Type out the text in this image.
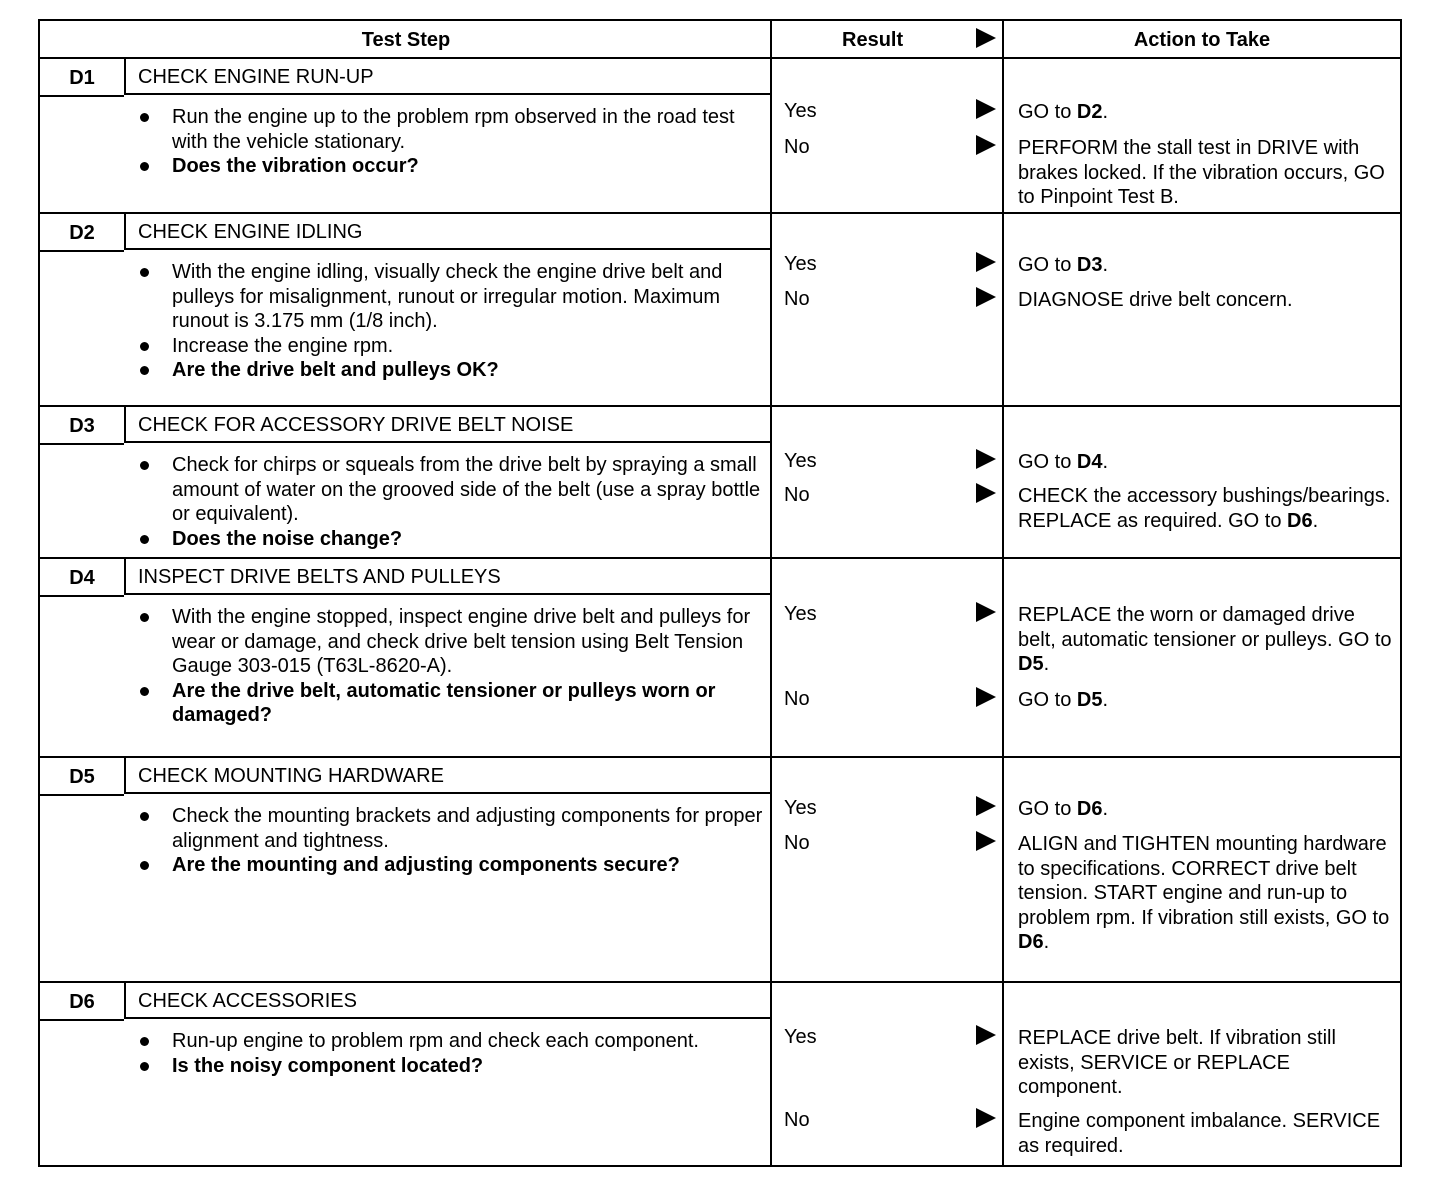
Test Step	Result	Action to Take
D1	CHECK ENGINE RUN-UP
Run the engine up to the problem rpm observed in the road test with the vehicle stationary.
Does the vibration occur?
Yes	GO to D2.
No	PERFORM the stall test in DRIVE with brakes locked. If the vibration occurs, GO to Pinpoint Test B.
D2	CHECK ENGINE IDLING
With the engine idling, visually check the engine drive belt and pulleys for misalignment, runout or irregular motion. Maximum runout is 3.175 mm (1/8 inch).
Increase the engine rpm.
Are the drive belt and pulleys OK?
Yes	GO to D3.
No	DIAGNOSE drive belt concern.
D3	CHECK FOR ACCESSORY DRIVE BELT NOISE
Check for chirps or squeals from the drive belt by spraying a small amount of water on the grooved side of the belt (use a spray bottle or equivalent).
Does the noise change?
Yes	GO to D4.
No	CHECK the accessory bushings/bearings. REPLACE as required. GO to D6.
D4	INSPECT DRIVE BELTS AND PULLEYS
With the engine stopped, inspect engine drive belt and pulleys for wear or damage, and check drive belt tension using Belt Tension Gauge 303-015 (T63L-8620-A).
Are the drive belt, automatic tensioner or pulleys worn or damaged?
Yes	REPLACE the worn or damaged drive belt, automatic tensioner or pulleys. GO to D5.
No	GO to D5.
D5	CHECK MOUNTING HARDWARE
Check the mounting brackets and adjusting components for proper alignment and tightness.
Are the mounting and adjusting components secure?
Yes	GO to D6.
No	ALIGN and TIGHTEN mounting hardware to specifications. CORRECT drive belt tension. START engine and run-up to problem rpm. If vibration still exists, GO to D6.
D6	CHECK ACCESSORIES
Run-up engine to problem rpm and check each component.
Is the noisy component located?
Yes	REPLACE drive belt. If vibration still exists, SERVICE or REPLACE component.
No	Engine component imbalance. SERVICE as required.
